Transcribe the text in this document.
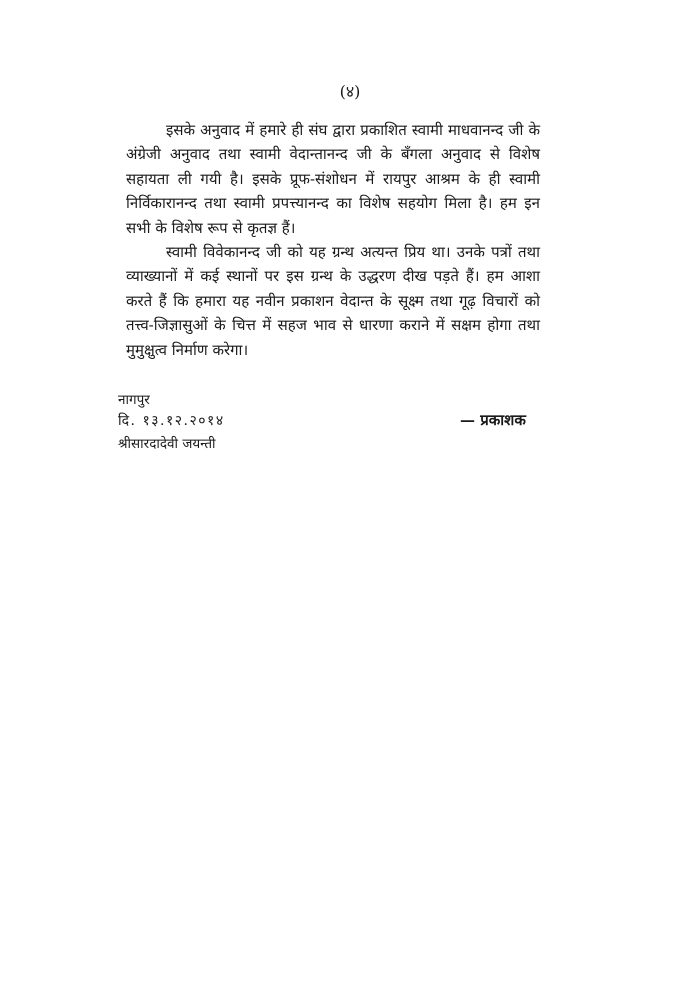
(४)

इसके अनुवाद में हमारे ही संघ द्वारा प्रकाशित स्वामी माधवानन्द जी के अंग्रेजी अनुवाद तथा स्वामी वेदान्तानन्द जी के बँगला अनुवाद से विशेष सहायता ली गयी है। इसके प्रूफ-संशोधन में रायपुर आश्रम के ही स्वामी निर्विकारानन्द तथा स्वामी प्रपत्त्यानन्द का विशेष सहयोग मिला है। हम इन सभी के विशेष रूप से कृतज्ञ हैं।

स्वामी विवेकानन्द जी को यह ग्रन्थ अत्यन्त प्रिय था। उनके पत्रों तथा व्याख्यानों में कई स्थानों पर इस ग्रन्थ के उद्धरण दीख पड़ते हैं। हम आशा करते हैं कि हमारा यह नवीन प्रकाशन वेदान्त के सूक्ष्म तथा गूढ़ विचारों को तत्त्व-जिज्ञासुओं के चित्त में सहज भाव से धारणा कराने में सक्षम होगा तथा मुमुक्षुत्व निर्माण करेगा।

नागपुर
दि. १३.१२.२०१४	— प्रकाशक
श्रीसारदादेवी जयन्ती
